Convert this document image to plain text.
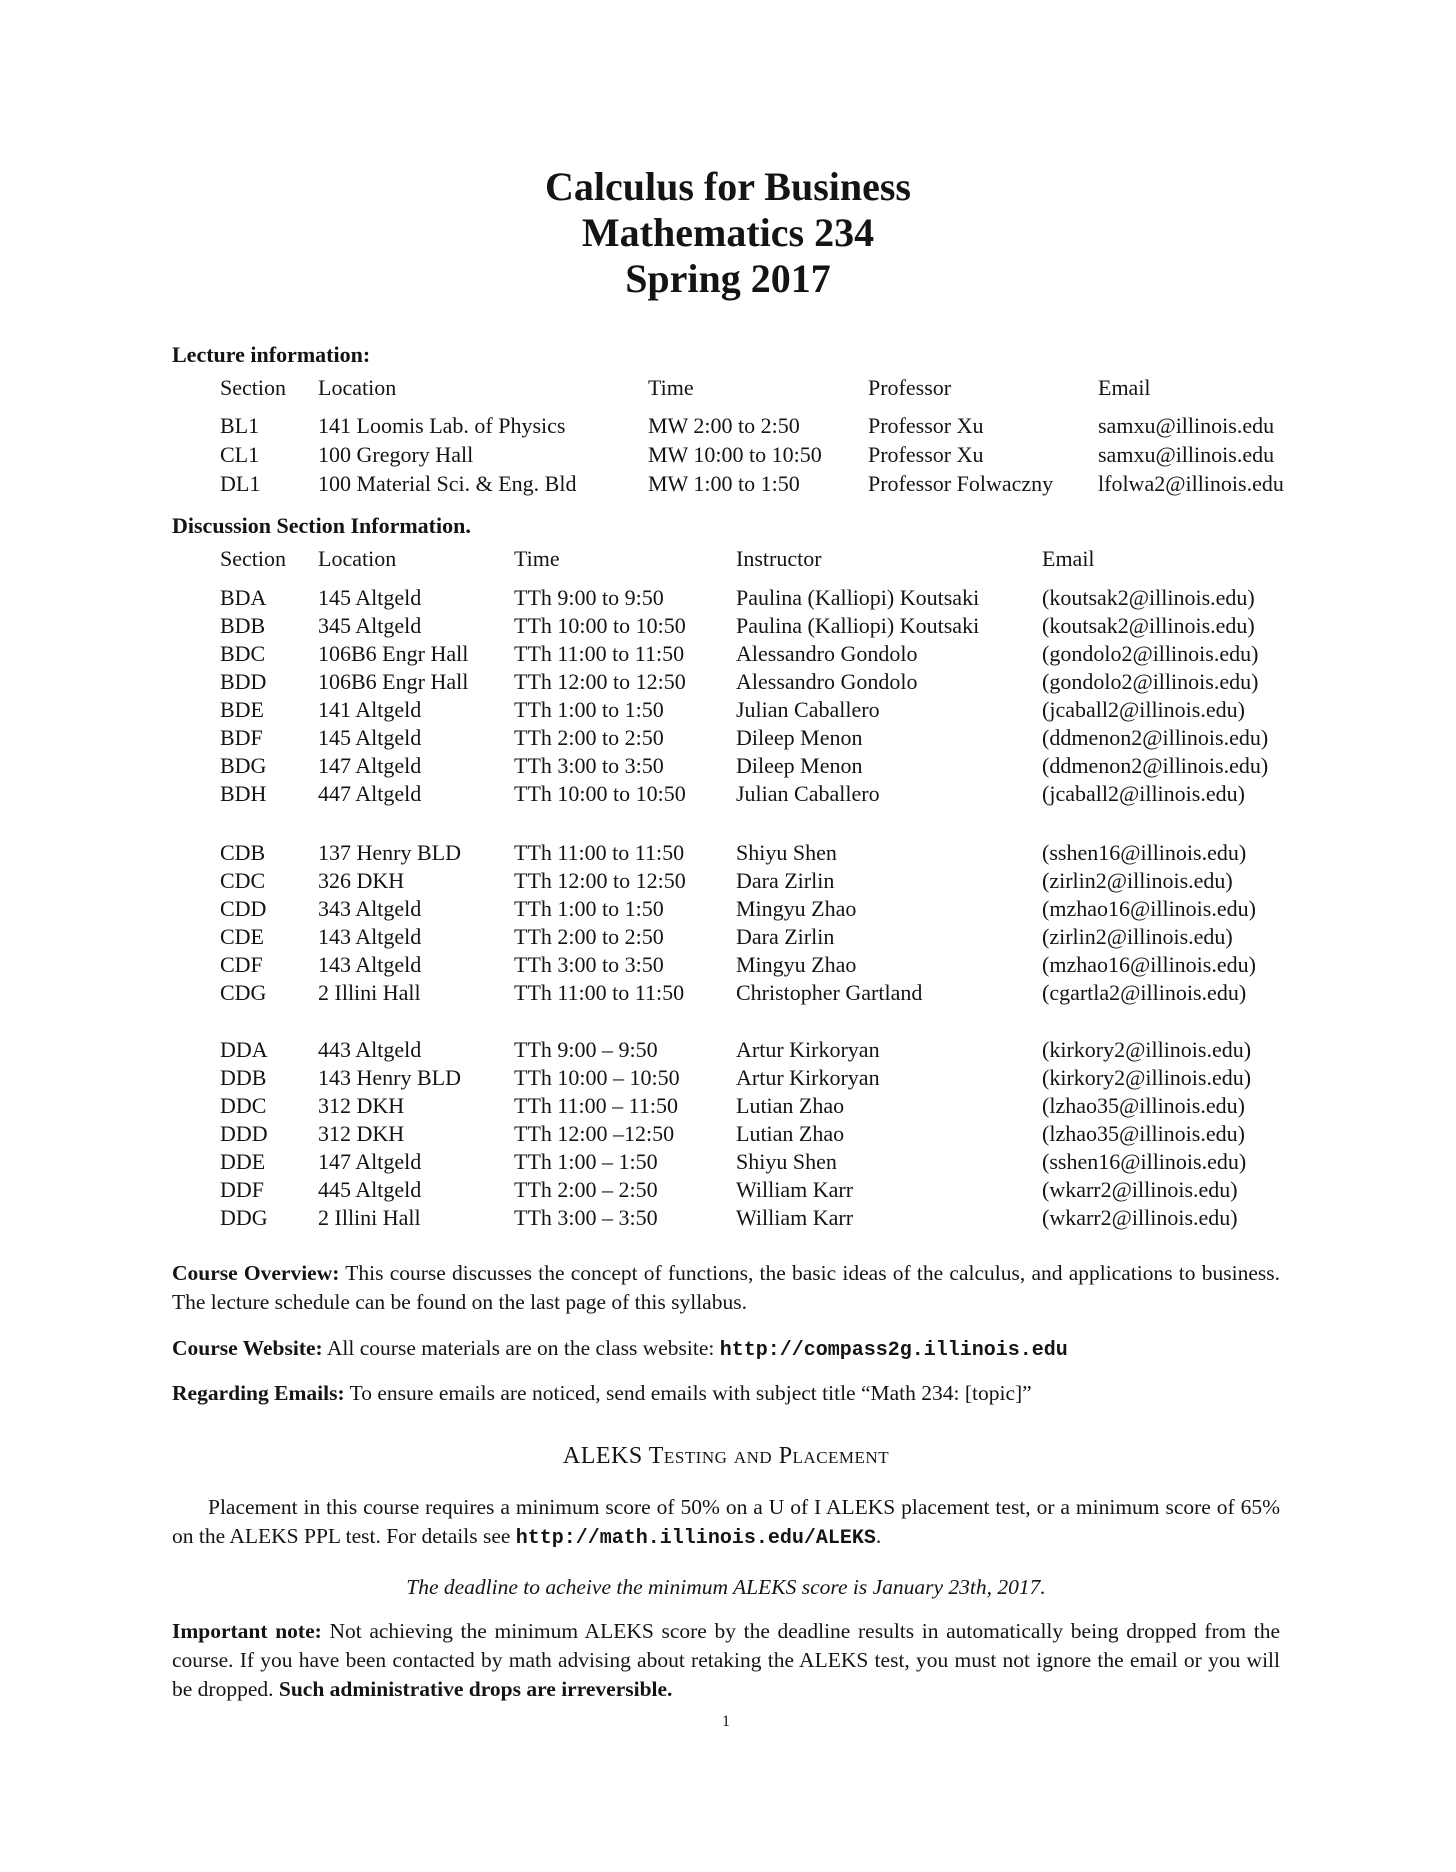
Calculus for Business
Mathematics 234
Spring 2017
Lecture information:
Section Location	Time	Professor	Email
BL1	141 Loomis Lab. of Physics	MW 2:00 to 2:50	Professor Xu	samxu@illinois.edu
CL1	100 Gregory Hall	MW 10:00 to 10:50 Professor Xu	samxu@illinois.edu
DL1	100 Material Sci. & Eng. Bld	MW 1:00 to 1:50	Professor Folwaczny lfolwa2@illinois.edu
Discussion Section Information.
Section Location	Time	Instructor	Email
BDA 145 Altgeld	TTh 9:00 to 9:50	Paulina (Kalliopi) Koutsaki	(koutsak2@illinois.edu)
BDB 345 Altgeld	TTh 10:00 to 10:50 Paulina (Kalliopi) Koutsaki	(koutsak2@illinois.edu)
BDC 106B6 Engr Hall TTh 11:00 to 11:50 Alessandro Gondolo	(gondolo2@illinois.edu)
BDD 106B6 Engr Hall TTh 12:00 to 12:50 Alessandro Gondolo	(gondolo2@illinois.edu)
BDE 141 Altgeld	TTh 1:00 to 1:50	Julian Caballero	(jcaball2@illinois.edu)
BDF	145 Altgeld	TTh 2:00 to 2:50	Dileep Menon	(ddmenon2@illinois.edu)
BDG 147 Altgeld	TTh 3:00 to 3:50	Dileep Menon	(ddmenon2@illinois.edu)
BDH 447 Altgeld	TTh 10:00 to 10:50 Julian Caballero	(jcaball2@illinois.edu)
CDB 137 Henry BLD TTh 11:00 to 11:50 Shiyu Shen	(sshen16@illinois.edu)
CDC 326 DKH	TTh 12:00 to 12:50 Dara Zirlin	(zirlin2@illinois.edu)
CDD 343 Altgeld	TTh 1:00 to 1:50	Mingyu Zhao	(mzhao16@illinois.edu)
CDE 143 Altgeld	TTh 2:00 to 2:50	Dara Zirlin	(zirlin2@illinois.edu)
CDF	143 Altgeld	TTh 3:00 to 3:50	Mingyu Zhao	(mzhao16@illinois.edu)
CDG 2 Illini Hall	TTh 11:00 to 11:50 Christopher Gartland	(cgartla2@illinois.edu)
DDA 443 Altgeld	TTh 9:00 – 9:50	Artur Kirkoryan	(kirkory2@illinois.edu)
DDB 143 Henry BLD TTh 10:00 – 10:50	Artur Kirkoryan	(kirkory2@illinois.edu)
DDC 312 DKH	TTh 11:00 – 11:50	Lutian Zhao	(lzhao35@illinois.edu)
DDD 312 DKH	TTh 12:00 –12:50	Lutian Zhao	(lzhao35@illinois.edu)
DDE 147 Altgeld	TTh 1:00 – 1:50	Shiyu Shen	(sshen16@illinois.edu)
DDF 445 Altgeld	TTh 2:00 – 2:50	William Karr	(wkarr2@illinois.edu)
DDG 2 Illini Hall	TTh 3:00 – 3:50	William Karr	(wkarr2@illinois.edu)
Course Overview: This course discusses the concept of functions, the basic ideas of the calculus, and applications to business. The lecture schedule can be found on the last page of this syllabus.
Course Website: All course materials are on the class website: http://compass2g.illinois.edu
Regarding Emails: To ensure emails are noticed, send emails with subject title “Math 234: [topic]”
ALEKS Testing and Placement
Placement in this course requires a minimum score of 50% on a U of I ALEKS placement test, or a minimum score of 65% on the ALEKS PPL test. For details see http://math.illinois.edu/ALEKS.
The deadline to acheive the minimum ALEKS score is January 23th, 2017.
Important note: Not achieving the minimum ALEKS score by the deadline results in automatically being dropped from the course. If you have been contacted by math advising about retaking the ALEKS test, you must not ignore the email or you will be dropped. Such administrative drops are irreversible.
1
